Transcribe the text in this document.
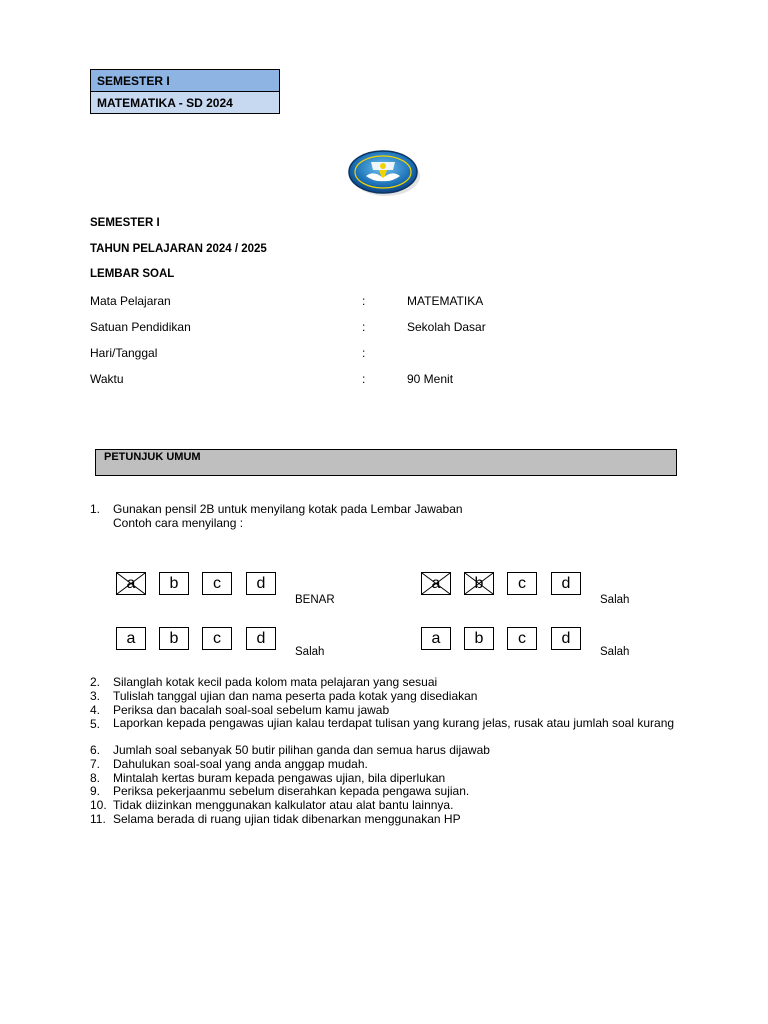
SEMESTER I
MATEMATIKA - SD 2024
SEMESTER I
TAHUN PELAJARAN 2024 / 2025
LEMBAR SOAL
Mata Pelajaran	:	MATEMATIKA
Satuan Pendidikan	:	Sekolah Dasar
Hari/Tanggal	:
Waktu	:	90 Menit
PETUNJUK UMUM
1. Gunakan pensil 2B untuk menyilang kotak pada Lembar Jawaban
Contoh cara menyilang :
a	b	c	d
BENAR
a	b	c	d
Salah
a	b	c	d
Salah
a	b	c	d
Salah
2. Silanglah kotak kecil pada kolom mata pelajaran yang sesuai
3. Tulislah tanggal ujian dan nama peserta pada kotak yang disediakan
4. Periksa dan bacalah soal-soal sebelum kamu jawab
5. Laporkan kepada pengawas ujian kalau terdapat tulisan yang kurang jelas, rusak atau jumlah soal kurang
6. Jumlah soal sebanyak 50 butir pilihan ganda dan semua harus dijawab
7. Dahulukan soal-soal yang anda anggap mudah.
8. Mintalah kertas buram kepada pengawas ujian, bila diperlukan
9. Periksa pekerjaanmu sebelum diserahkan kepada pengawa sujian.
10. Tidak diizinkan menggunakan kalkulator atau alat bantu lainnya.
11. Selama berada di ruang ujian tidak dibenarkan menggunakan HP
